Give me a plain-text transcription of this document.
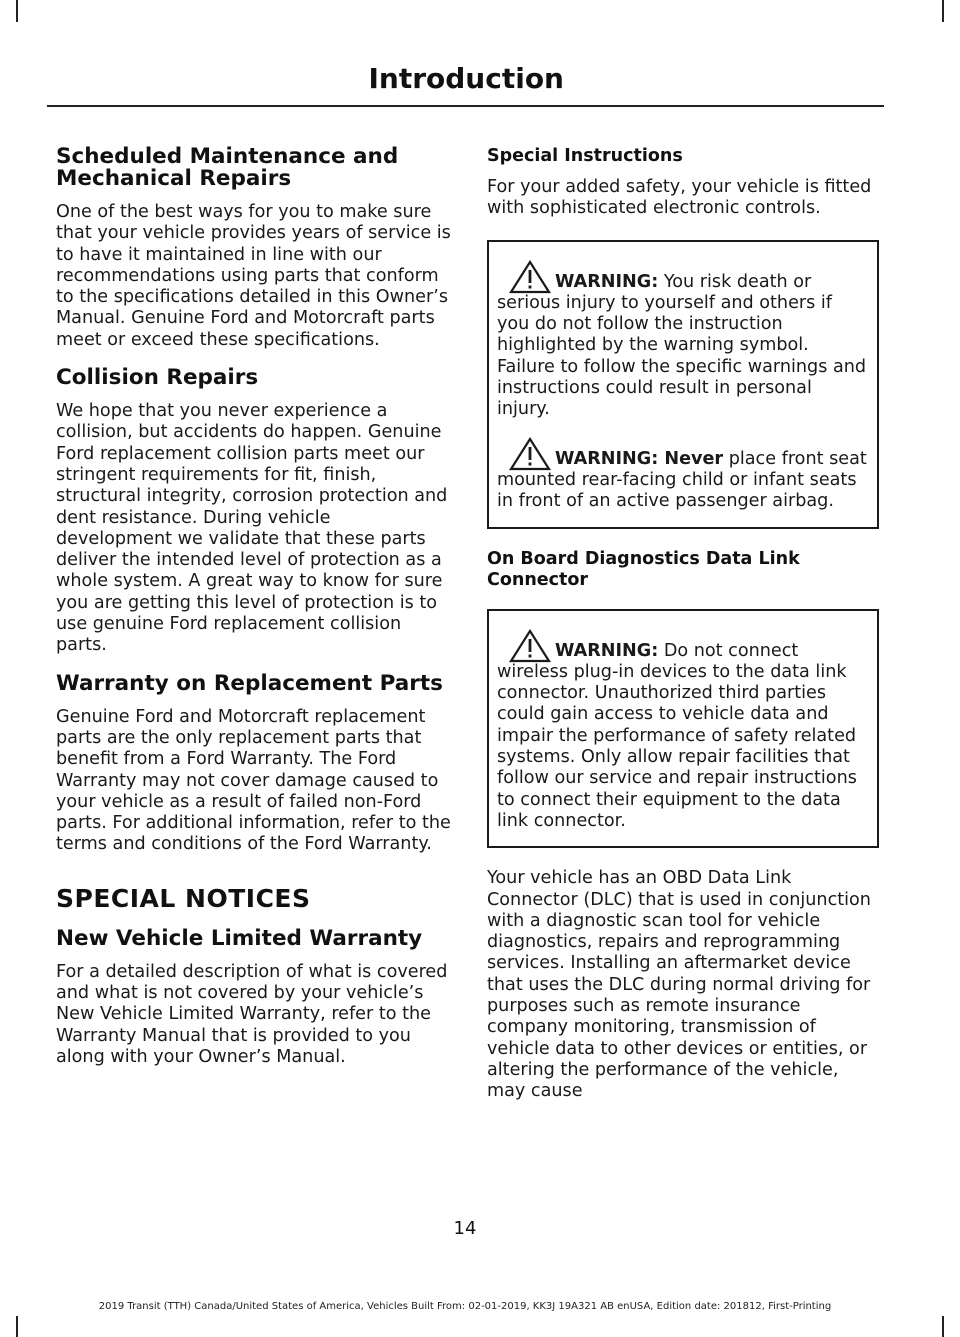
Introduction
Scheduled Maintenance and Mechanical Repairs
One of the best ways for you to make sure that your vehicle provides years of service is to have it maintained in line with our recommendations using parts that conform to the specifications detailed in this Owner’s Manual. Genuine Ford and Motorcraft parts meet or exceed these specifications.
Collision Repairs
We hope that you never experience a collision, but accidents do happen. Genuine Ford replacement collision parts meet our stringent requirements for fit, finish, structural integrity, corrosion protection and dent resistance. During vehicle development we validate that these parts deliver the intended level of protection as a whole system. A great way to know for sure you are getting this level of protection is to use genuine Ford replacement collision parts.
Warranty on Replacement Parts
Genuine Ford and Motorcraft replacement parts are the only replacement parts that benefit from a Ford Warranty. The Ford Warranty may not cover damage caused to your vehicle as a result of failed non-Ford parts. For additional information, refer to the terms and conditions of the Ford Warranty.
SPECIAL NOTICES
New Vehicle Limited Warranty
For a detailed description of what is covered and what is not covered by your vehicle’s New Vehicle Limited Warranty, refer to the Warranty Manual that is provided to you along with your Owner’s Manual.
Special Instructions
For your added safety, your vehicle is fitted with sophisticated electronic controls.
WARNING: You risk death or serious injury to yourself and others if you do not follow the instruction highlighted by the warning symbol. Failure to follow the specific warnings and instructions could result in personal injury.
WARNING: Never place front seat mounted rear-facing child or infant seats in front of an active passenger airbag.
On Board Diagnostics Data Link Connector
WARNING: Do not connect wireless plug-in devices to the data link connector. Unauthorized third parties could gain access to vehicle data and impair the performance of safety related systems. Only allow repair facilities that follow our service and repair instructions to connect their equipment to the data link connector.
Your vehicle has an OBD Data Link Connector (DLC) that is used in conjunction with a diagnostic scan tool for vehicle diagnostics, repairs and reprogramming services. Installing an aftermarket device that uses the DLC during normal driving for purposes such as remote insurance company monitoring, transmission of vehicle data to other devices or entities, or altering the performance of the vehicle, may cause
14
2019 Transit (TTH) Canada/United States of America, Vehicles Built From: 02-01-2019, KK3J 19A321 AB enUSA, Edition date: 201812, First-Printing
